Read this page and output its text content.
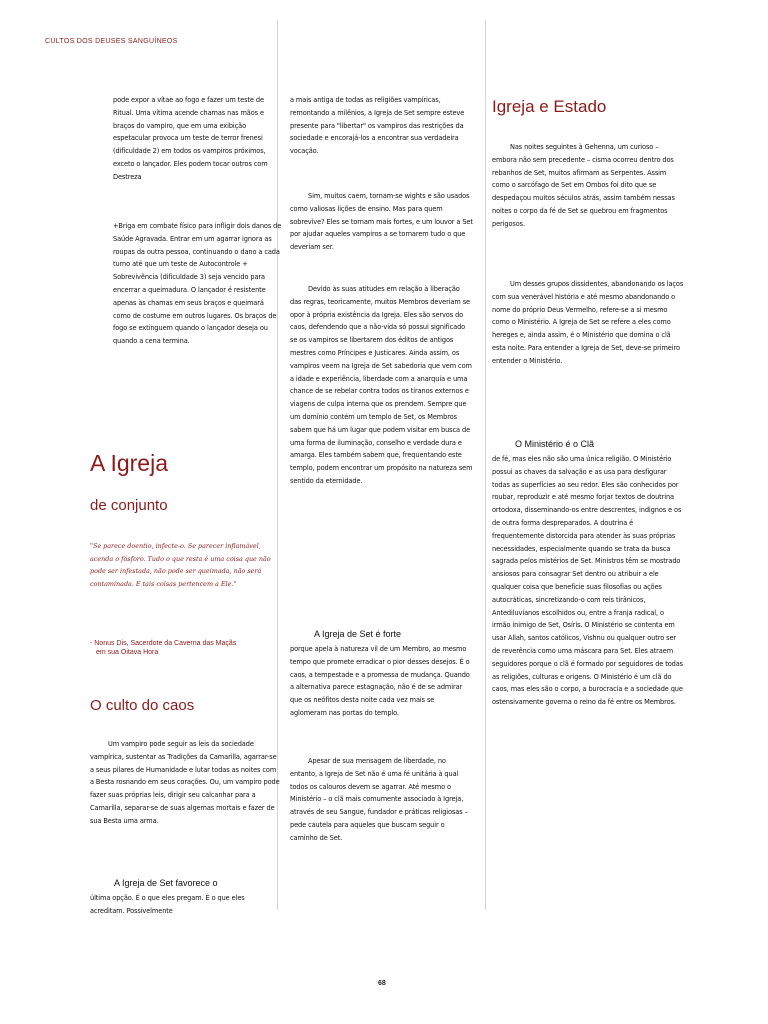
CULTOS DOS DEUSES SANGUÍNEOS

pode expor a vítae ao fogo e fazer um teste de Ritual. Uma vítima acende chamas nas mãos e braços do vampiro, que em uma exibição espetacular provoca um teste de terror frenesi (dificuldade 2) em todos os vampiros próximos, exceto o lançador. Eles podem tocar outros com Destreza

+Briga em combate físico para infligir dois danos de Saúde Agravada. Entrar em um agarrar ignora as roupas da outra pessoa, continuando o dano a cada turno até que um teste de Autocontrole + Sobrevivência (dificuldade 3) seja vencido para encerrar a queimadura. O lançador é resistente apenas às chamas em seus braços e queimará como de costume em outros lugares. Os braços de fogo se extinguem quando o lançador deseja ou quando a cena termina.

A Igreja
de conjunto
"Se parece doentio, infecte-o. Se parecer inflamável, acenda o fósforo. Tudo o que resta é uma coisa que não pode ser infestada, não pode ser queimada, não será contaminada. E tais coisas pertencem a Ele."
- Nonus Dis, Sacerdote da Caverna das Maçãs
em sua Oitava Hora
O culto do caos

Um vampiro pode seguir as leis da sociedade vampírica, sustentar as Tradições da Camarilla, agarrar-se a seus pilares de Humanidade e lutar todas as noites com a Besta rosnando em seus corações. Ou, um vampiro pode fazer suas próprias leis, dirigir seu calcanhar para a Camarilla, separar-se de suas algemas mortais e fazer de sua Besta uma arma.

A Igreja de Set favorece o

última opção. É o que eles pregam. É o que eles acreditam. Possivelmente

a mais antiga de todas as religiões vampíricas, remontando a milênios, a Igreja de Set sempre esteve presente para "libertar" os vampiros das restrições da sociedade e encorajá-los a encontrar sua verdadeira vocação.

Sim, muitos caem, tornam-se wights e são usados como valiosas lições de ensino. Mas para quem sobrevive? Eles se tornam mais fortes, e um louvor a Set por ajudar aqueles vampiros a se tornarem tudo o que deveriam ser.

Devido às suas atitudes em relação à liberação das regras, teoricamente, muitos Membros deveriam se opor à própria existência da Igreja. Eles são servos do caos, defendendo que a não-vida só possui significado se os vampiros se libertarem dos éditos de antigos mestres como Príncipes e Justicares. Ainda assim, os vampiros veem na Igreja de Set sabedoria que vem com a idade e experiência, liberdade com a anarquia e uma chance de se rebelar contra todos os tiranos externos e viagens de culpa interna que os prendem. Sempre que um domínio contém um templo de Set, os Membros sabem que há um lugar que podem visitar em busca de uma forma de iluminação, conselho e verdade dura e amarga. Eles também sabem que, frequentando este templo, podem encontrar um propósito na natureza sem sentido da eternidade.

A Igreja de Set é forte

porque apela à natureza vil de um Membro, ao mesmo tempo que promete erradicar o pior desses desejos. É o caos, a tempestade e a promessa de mudança. Quando a alternativa parece estagnação, não é de se admirar que os neófitos desta noite cada vez mais se aglomeram nas portas do templo.

Apesar de sua mensagem de liberdade, no entanto, a Igreja de Set não é uma fé unitária à qual todos os calouros devem se agarrar. Até mesmo o Ministério – o clã mais comumente associado à Igreja, através de seu Sangue, fundador e práticas religiosas – pede cautela para aqueles que buscam seguir o caminho de Set.

Igreja e Estado

Nas noites seguintes à Gehenna, um curioso – embora não sem precedente – cisma ocorreu dentro dos rebanhos de Set, muitos afirmam as Serpentes. Assim como o sarcófago de Set em Ombos foi dito que se despedaçou muitos séculos atrás, assim também nessas noites o corpo da fé de Set se quebrou em fragmentos perigosos.

Um desses grupos dissidentes, abandonando os laços com sua venerável história e até mesmo abandonando o nome do próprio Deus Vermelho, refere-se a si mesmo como o Ministério. A Igreja de Set se refere a eles como hereges e, ainda assim, é o Ministério que domina o clã esta noite. Para entender a Igreja de Set, deve-se primeiro entender o Ministério.

O Ministério é o Clã

de fé, mas eles não são uma única religião. O Ministério possui as chaves da salvação e as usa para desfigurar todas as superfícies ao seu redor. Eles são conhecidos por roubar, reproduzir e até mesmo forjar textos de doutrina ortodoxa, disseminando-os entre descrentes, indignos e os de outra forma despreparados. A doutrina é frequentemente distorcida para atender às suas próprias necessidades, especialmente quando se trata da busca sagrada pelos mistérios de Set. Ministros têm se mostrado ansiosos para consagrar Set dentro ou atribuir a ele qualquer coisa que beneficie suas filosofias ou ações autocráticas, sincretizando-o com reis tirânicos, Antediluvianos escolhidos ou, entre a franja radical, o irmão inimigo de Set, Osíris. O Ministério se contenta em usar Allah, santos católicos, Vishnu ou qualquer outro ser de reverência como uma máscara para Set. Eles atraem seguidores porque o clã é formado por seguidores de todas as religiões, culturas e origens. O Ministério é um clã do caos, mas eles são o corpo, a burocracia e a sociedade que ostensivamente governa o reino da fé entre os Membros.

68
